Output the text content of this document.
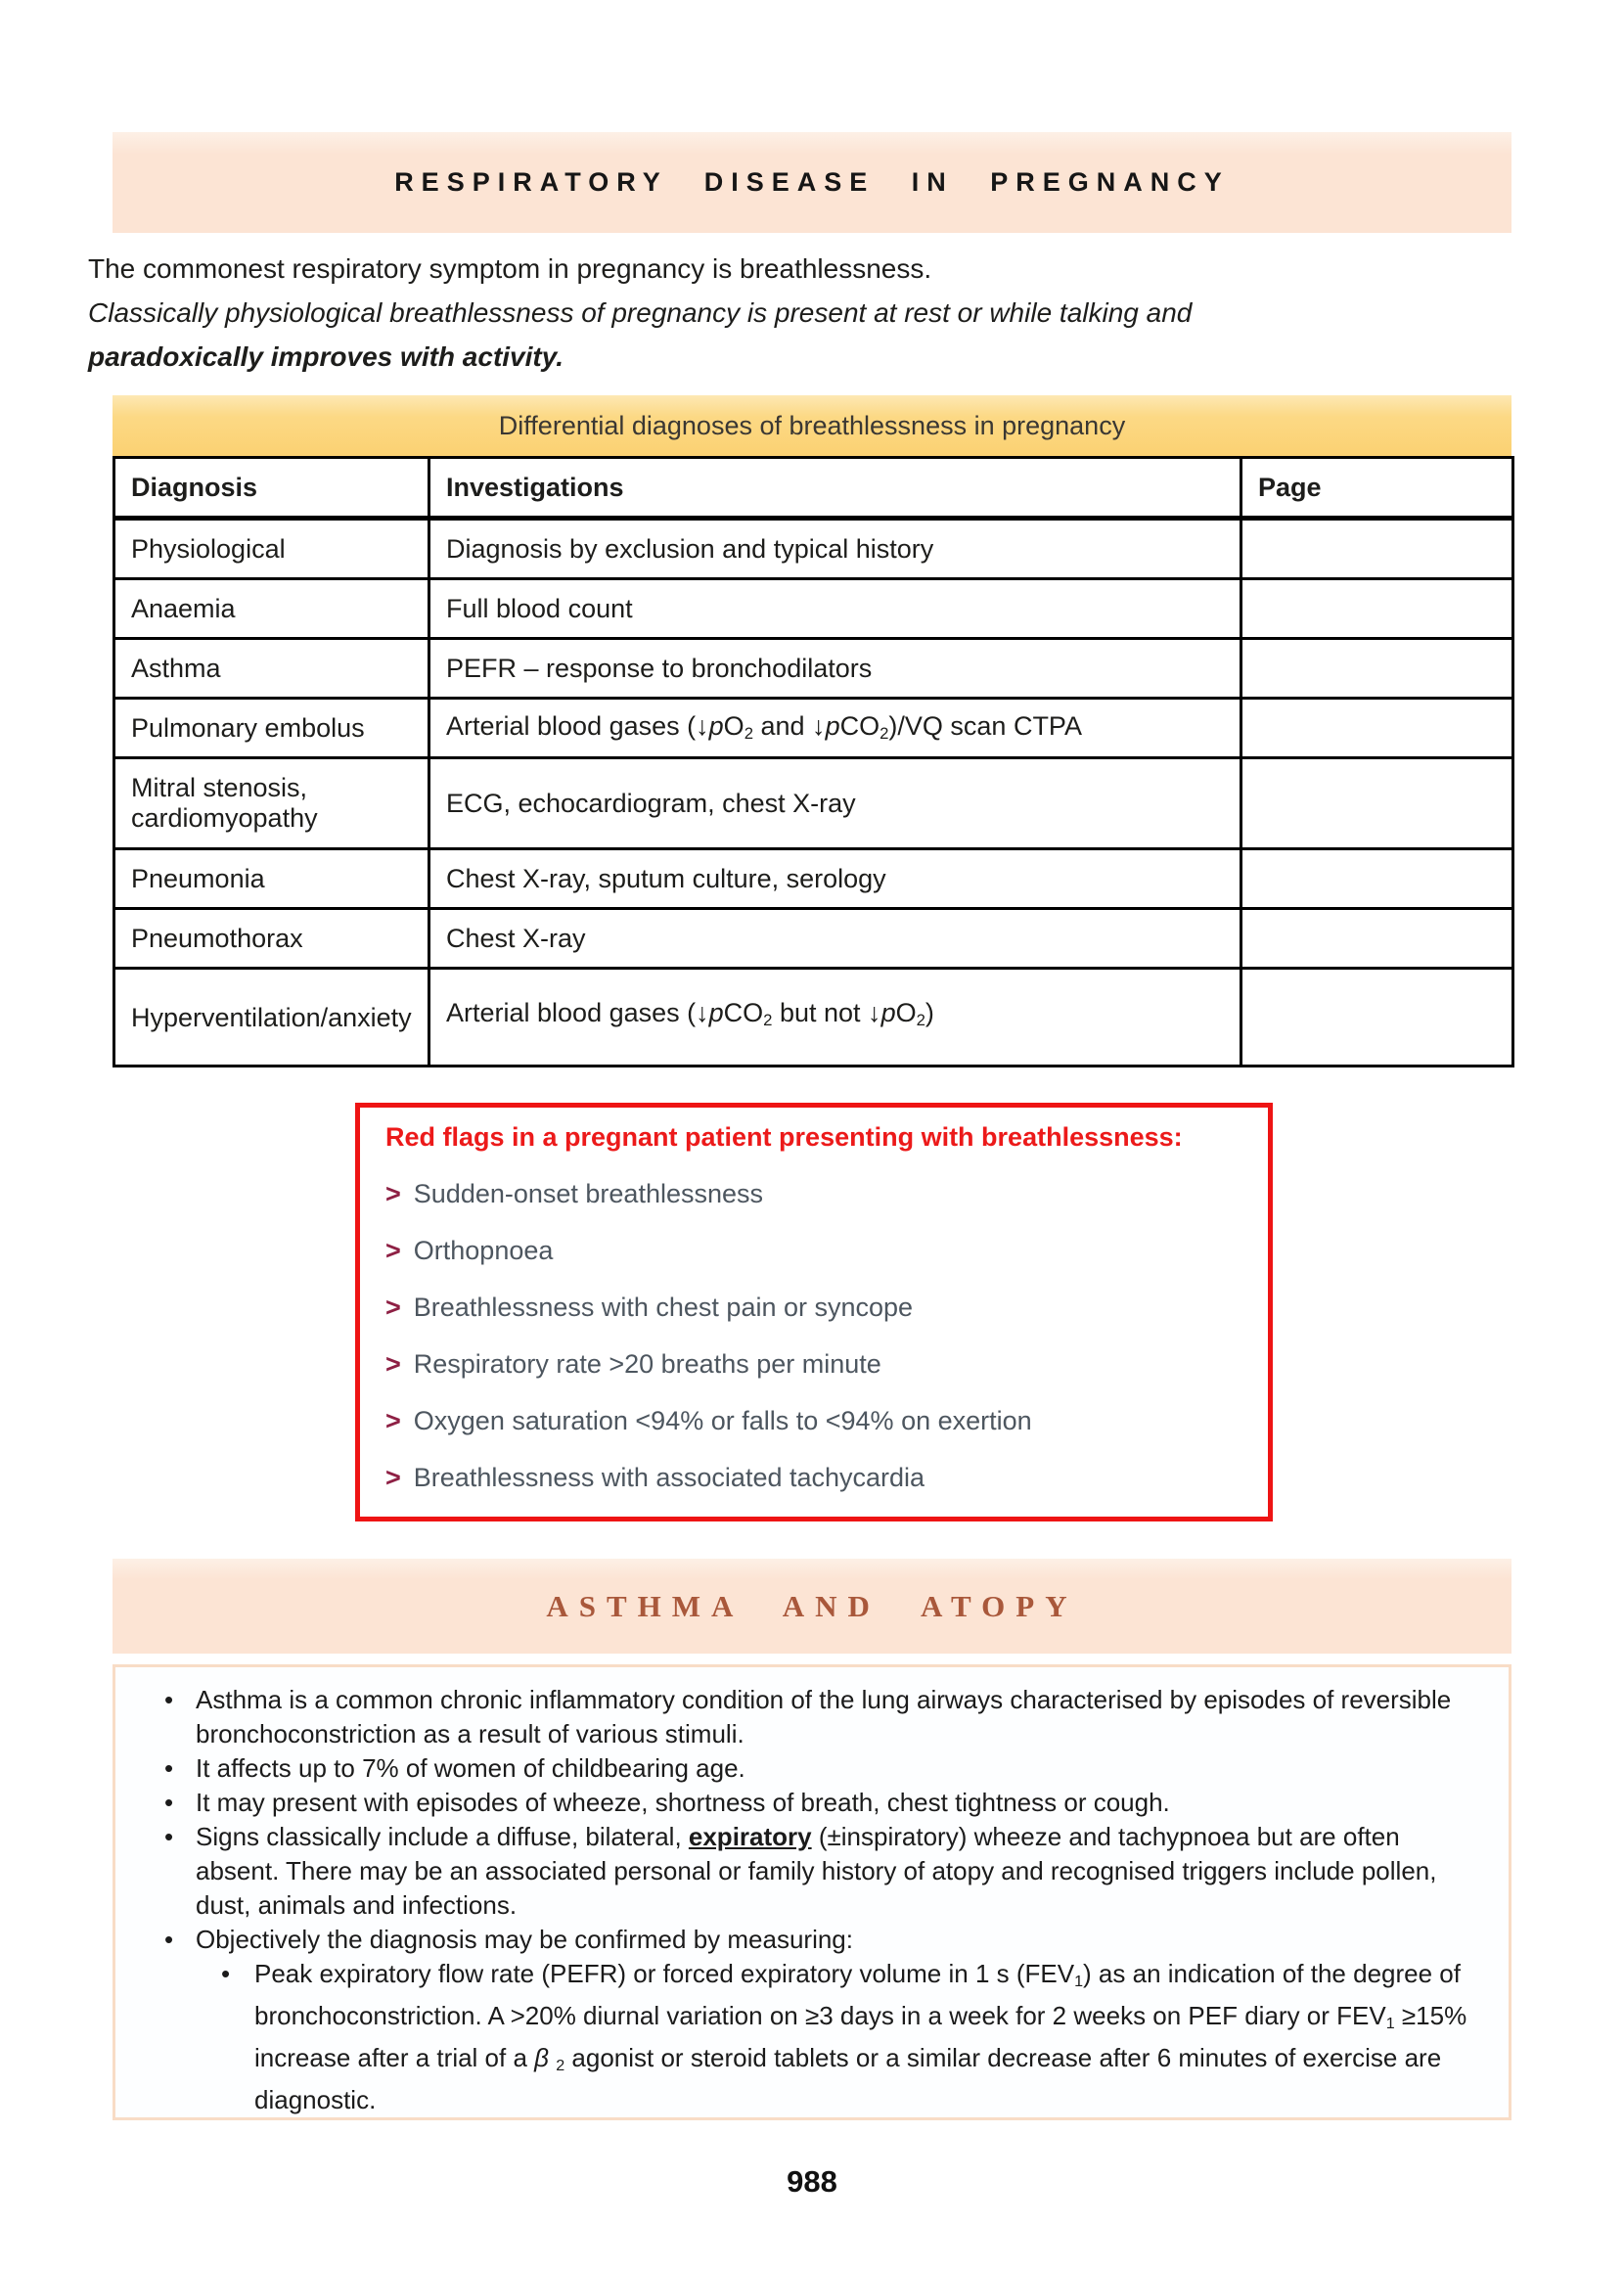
RESPIRATORY DISEASE IN PREGNANCY

The commonest respiratory symptom in pregnancy is breathlessness.

Classically physiological breathlessness of pregnancy is present at rest or while talking and

paradoxically improves with activity.

Differential diagnoses of breathlessness in pregnancy
Diagnosis	Investigations	Page
Physiological	Diagnosis by exclusion and typical history	
Anaemia	Full blood count	
Asthma	PEFR – response to bronchodilators	
Pulmonary embolus	Arterial blood gases (↓pO2 and ↓pCO2)/VQ scan CTPA	
Mitral stenosis, cardiomyopathy	ECG, echocardiogram, chest X-ray	
Pneumonia	Chest X-ray, sputum culture, serology	
Pneumothorax	Chest X-ray	
Hyperventilation/anxiety	Arterial blood gases (↓pCO2 but not ↓pO2)	
Red flags in a pregnant patient presenting with breathlessness:
> Sudden-onset breathlessness
> Orthopnoea
> Breathlessness with chest pain or syncope
> Respiratory rate >20 breaths per minute
> Oxygen saturation <94% or falls to <94% on exertion
> Breathlessness with associated tachycardia
ASTHMA AND ATOPY
• Asthma is a common chronic inflammatory condition of the lung airways characterised by episodes of reversible bronchoconstriction as a result of various stimuli.
• It affects up to 7% of women of childbearing age.
• It may present with episodes of wheeze, shortness of breath, chest tightness or cough.
• Signs classically include a diffuse, bilateral, expiratory (±inspiratory) wheeze and tachypnoea but are often absent. There may be an associated personal or family history of atopy and recognised triggers include pollen, dust, animals and infections.
• Objectively the diagnosis may be confirmed by measuring:
• Peak expiratory flow rate (PEFR) or forced expiratory volume in 1 s (FEV1) as an indication of the degree of bronchoconstriction. A >20% diurnal variation on ≥3 days in a week for 2 weeks on PEF diary or FEV1 ≥15% increase after a trial of a β 2 agonist or steroid tablets or a similar decrease after 6 minutes of exercise are diagnostic.
988
